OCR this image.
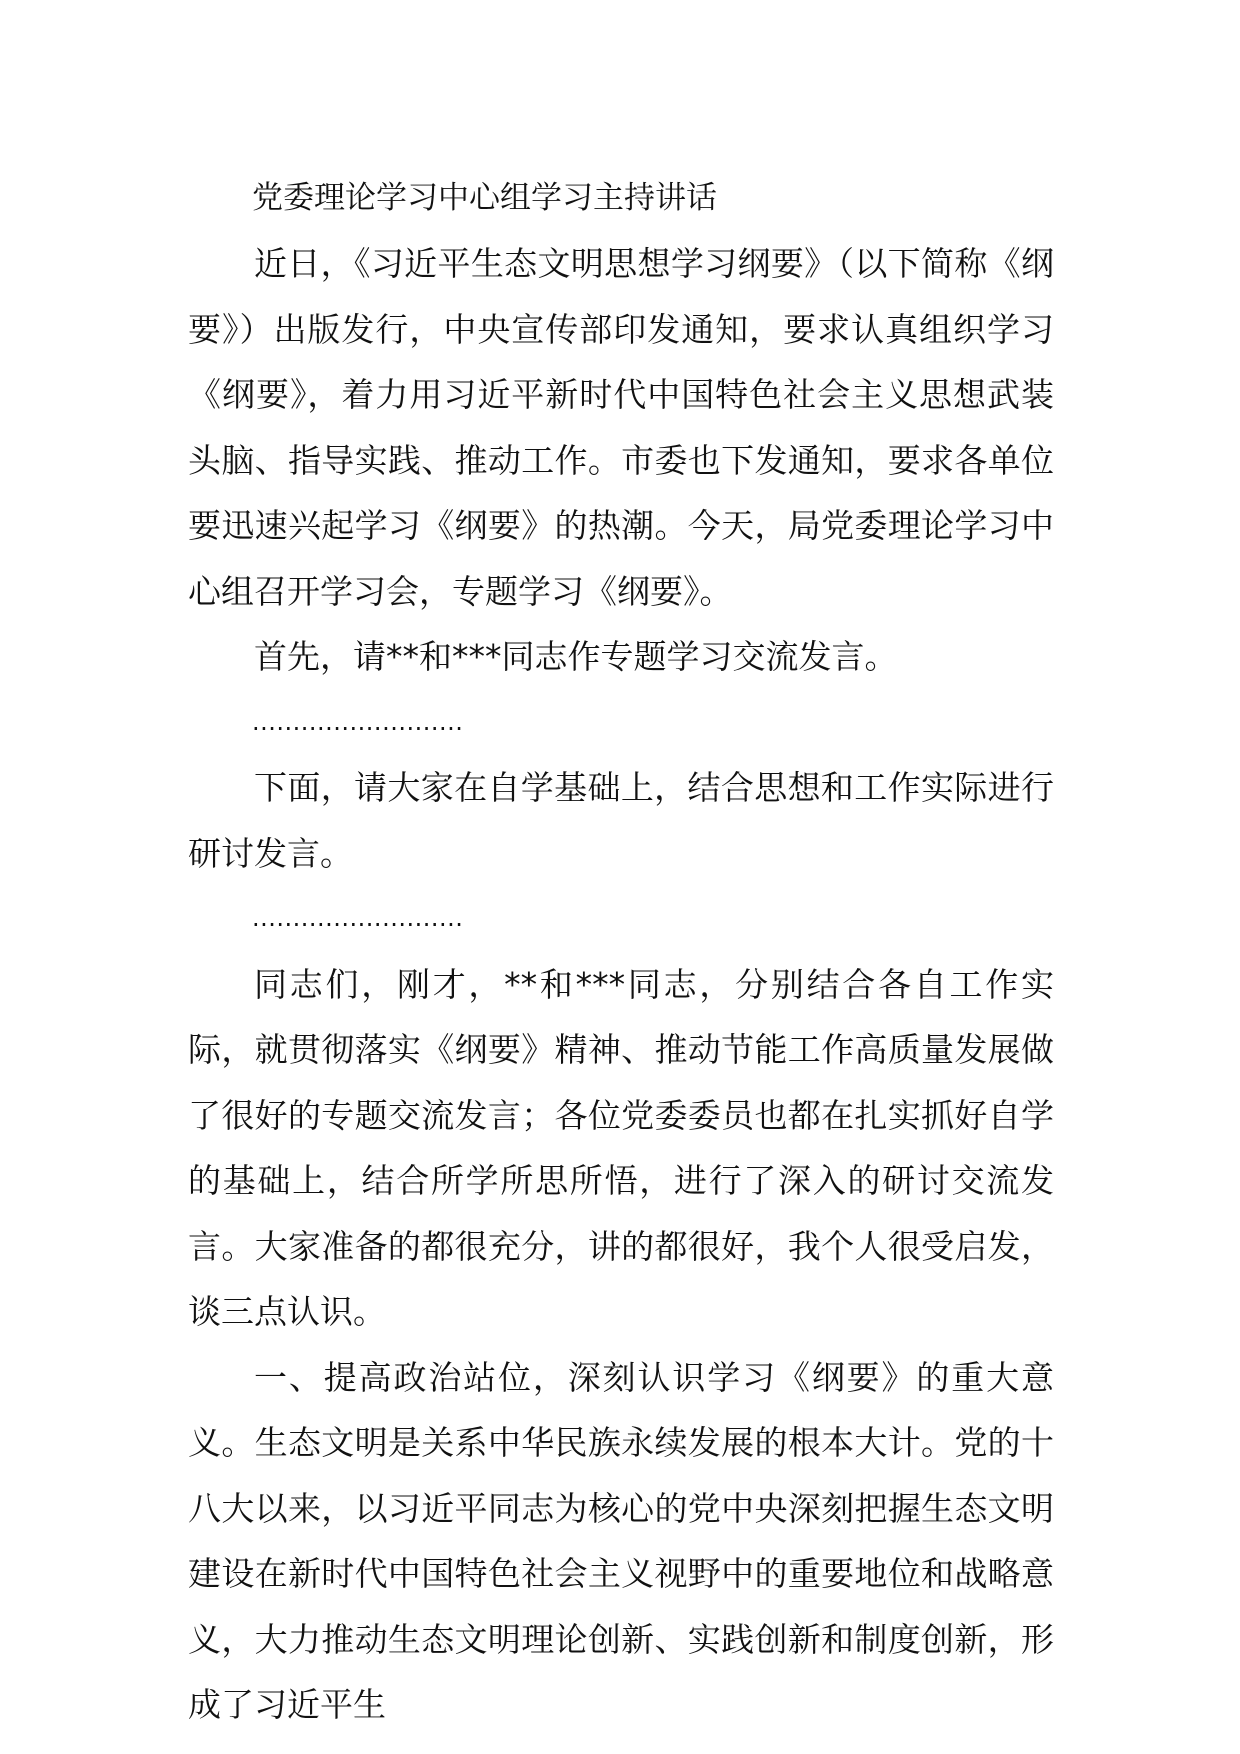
党委理论学习中心组学习主持讲话

近日，《习近平生态文明思想学习纲要》（以下简称《纲要》）出版发行，中央宣传部印发通知，要求认真组织学习《纲要》，着力用习近平新时代中国特色社会主义思想武装头脑、指导实践、推动工作。市委也下发通知，要求各单位要迅速兴起学习《纲要》的热潮。今天，局党委理论学习中心组召开学习会，专题学习《纲要》。

首先，请**和***同志作专题学习交流发言。

..........................

下面，请大家在自学基础上，结合思想和工作实际进行研讨发言。

..........................

同志们，刚才，**和***同志，分别结合各自工作实际，就贯彻落实《纲要》精神、推动节能工作高质量发展做了很好的专题交流发言；各位党委委员也都在扎实抓好自学的基础上，结合所学所思所悟，进行了深入的研讨交流发言。大家准备的都很充分，讲的都很好，我个人很受启发，谈三点认识。

一、提高政治站位，深刻认识学习《纲要》的重大意义。生态文明是关系中华民族永续发展的根本大计。党的十八大以来，以习近平同志为核心的党中央深刻把握生态文明建设在新时代中国特色社会主义视野中的重要地位和战略意义，大力推动生态文明理论创新、实践创新和制度创新，形成了习近平生
